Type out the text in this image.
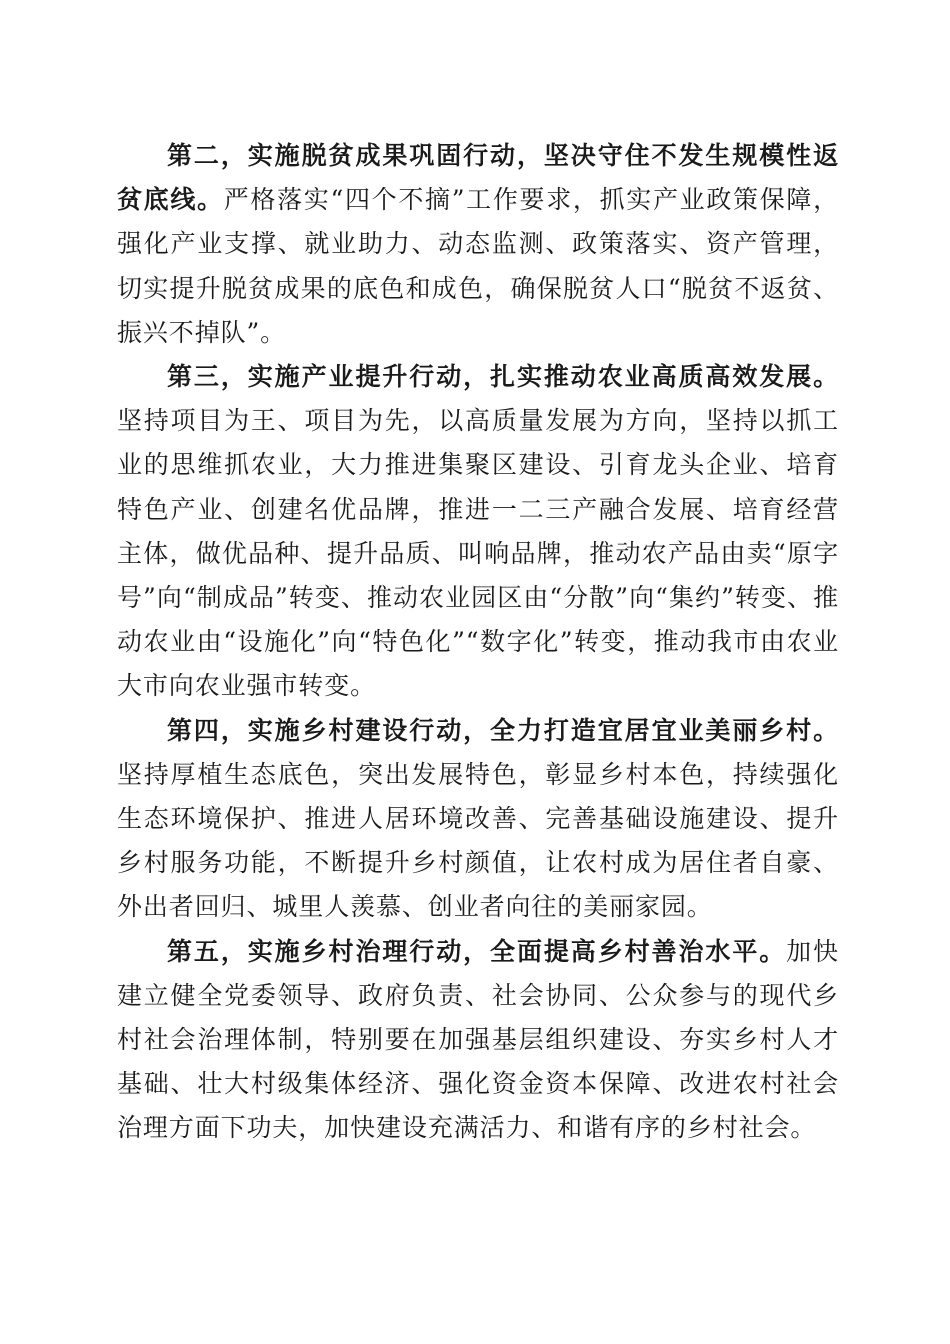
第二，实施脱贫成果巩固行动，坚决守住不发生规模性返贫底线。严格落实“四个不摘”工作要求，抓实产业政策保障，强化产业支撑、就业助力、动态监测、政策落实、资产管理，切实提升脱贫成果的底色和成色，确保脱贫人口“脱贫不返贫、振兴不掉队”。

第三，实施产业提升行动，扎实推动农业高质高效发展。坚持项目为王、项目为先，以高质量发展为方向，坚持以抓工业的思维抓农业，大力推进集聚区建设、引育龙头企业、培育特色产业、创建名优品牌，推进一二三产融合发展、培育经营主体，做优品种、提升品质、叫响品牌，推动农产品由卖“原字号”向“制成品”转变、推动农业园区由“分散”向“集约”转变、推动农业由“设施化”向“特色化”“数字化”转变，推动我市由农业大市向农业强市转变。

第四，实施乡村建设行动，全力打造宜居宜业美丽乡村。坚持厚植生态底色，突出发展特色，彰显乡村本色，持续强化生态环境保护、推进人居环境改善、完善基础设施建设、提升乡村服务功能，不断提升乡村颜值，让农村成为居住者自豪、外出者回归、城里人羡慕、创业者向往的美丽家园。

第五，实施乡村治理行动，全面提高乡村善治水平。加快建立健全党委领导、政府负责、社会协同、公众参与的现代乡村社会治理体制，特别要在加强基层组织建设、夯实乡村人才基础、壮大村级集体经济、强化资金资本保障、改进农村社会治理方面下功夫，加快建设充满活力、和谐有序的乡村社会。
